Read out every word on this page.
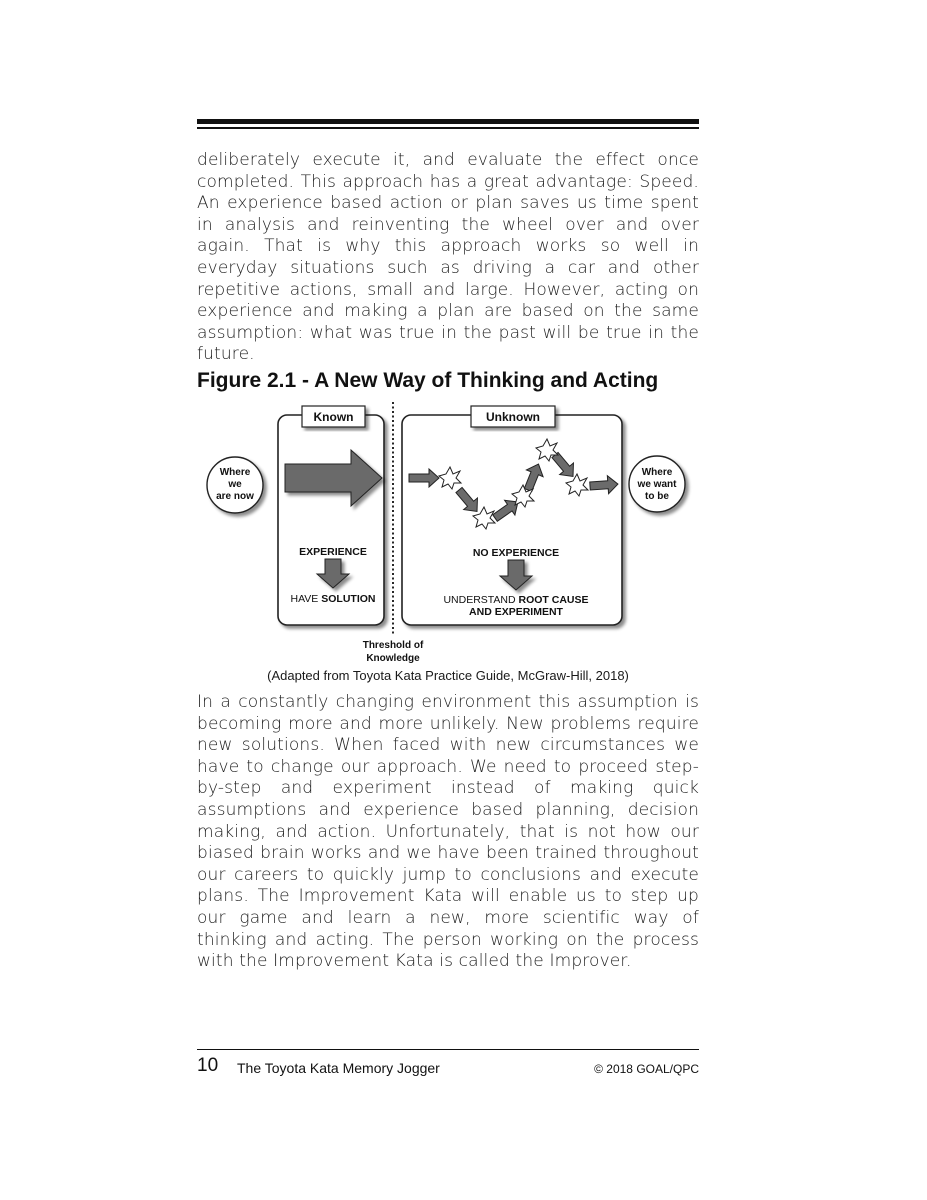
deliberately execute it, and evaluate the effect once completed. This approach has a great advantage: Speed. An experience based action or plan saves us time spent in analysis and reinventing the wheel over and over again. That is why this approach works so well in everyday situations such as driving a car and other repetitive actions, small and large. However, acting on experience and making a plan are based on the same assumption: what was true in the past will be true in the future.

Figure 2.1 - A New Way of Thinking and Acting
Known	Unknown
Where
we
are now
Where
we want
to be
EXPERIENCE
HAVE SOLUTION
NO EXPERIENCE
UNDERSTAND ROOT CAUSE
AND EXPERIMENT
Threshold of
Knowledge

(Adapted from Toyota Kata Practice Guide, McGraw-Hill, 2018)

In a constantly changing environment this assumption is becoming more and more unlikely. New problems require new solutions. When faced with new circumstances we have to change our approach. We need to proceed step-by-step and experiment instead of making quick assumptions and experience based planning, decision making, and action. Unfortunately, that is not how our biased brain works and we have been trained throughout our careers to quickly jump to conclusions and execute plans. The Improvement Kata will enable us to step up our game and learn a new, more scientific way of thinking and acting. The person working on the process with the Improvement Kata is called the Improver.

10 The Toyota Kata Memory Jogger	© 2018 GOAL/QPC
